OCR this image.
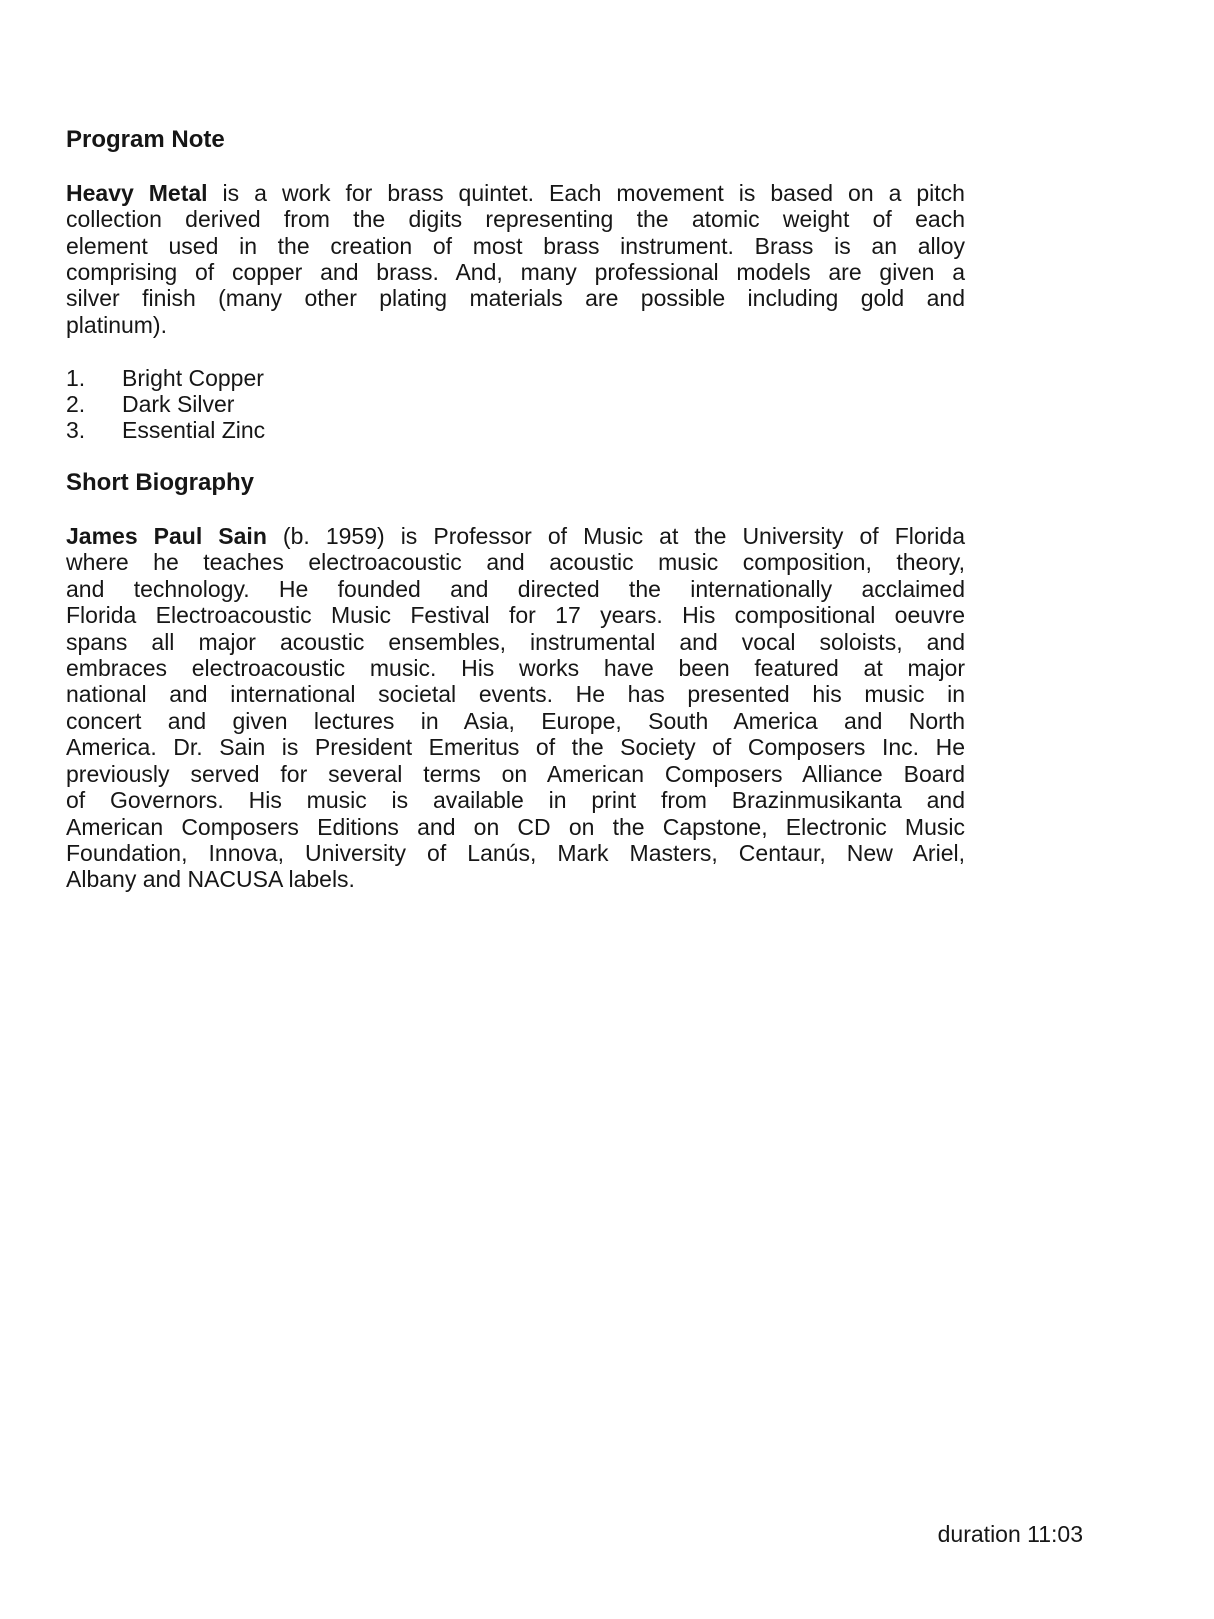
Program Note
Heavy Metal is a work for brass quintet. Each movement is based on a pitch
collection derived from the digits representing the atomic weight of each
element used in the creation of most brass instrument. Brass is an alloy
comprising of copper and brass. And, many professional models are given a
silver finish (many other plating materials are possible including gold and
platinum).
1. Bright Copper
2. Dark Silver
3. Essential Zinc
Short Biography
James Paul Sain (b. 1959) is Professor of Music at the University of Florida
where he teaches electroacoustic and acoustic music composition, theory,
and technology. He founded and directed the internationally acclaimed
Florida Electroacoustic Music Festival for 17 years. His compositional oeuvre
spans all major acoustic ensembles, instrumental and vocal soloists, and
embraces electroacoustic music. His works have been featured at major
national and international societal events. He has presented his music in
concert and given lectures in Asia, Europe, South America and North
America. Dr. Sain is President Emeritus of the Society of Composers Inc. He
previously served for several terms on American Composers Alliance Board
of Governors. His music is available in print from Brazinmusikanta and
American Composers Editions and on CD on the Capstone, Electronic Music
Foundation, Innova, University of Lanús, Mark Masters, Centaur, New Ariel,
Albany and NACUSA labels.
duration 11:03
